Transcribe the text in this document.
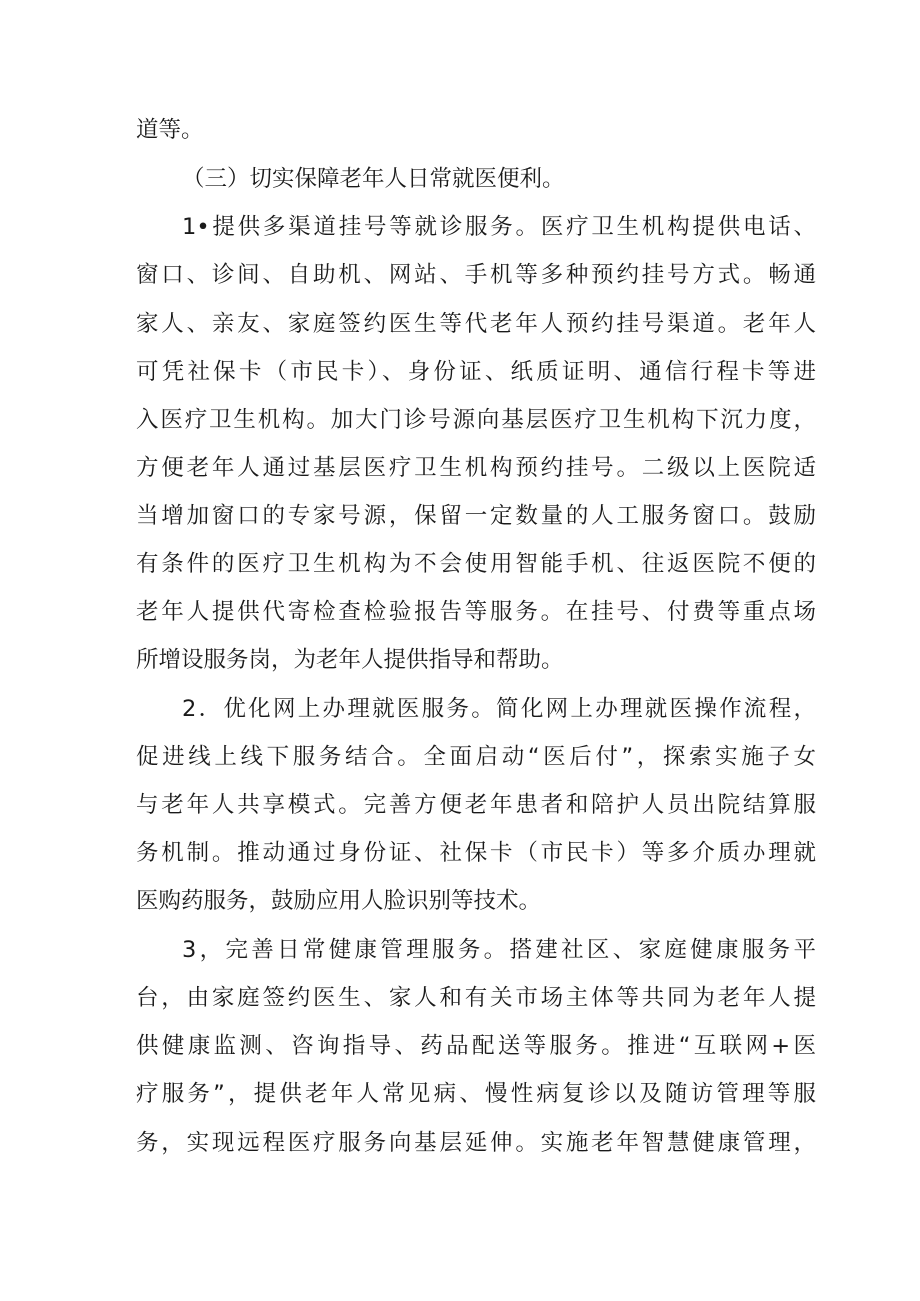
道等。
（三）切实保障老年人日常就医便利。
1•提供多渠道挂号等就诊服务。医疗卫生机构提供电话、
窗口、诊间、自助机、网站、手机等多种预约挂号方式。畅通
家人、亲友、家庭签约医生等代老年人预约挂号渠道。老年人
可凭社保卡（市民卡）、身份证、纸质证明、通信行程卡等进
入医疗卫生机构。加大门诊号源向基层医疗卫生机构下沉力度，
方便老年人通过基层医疗卫生机构预约挂号。二级以上医院适
当增加窗口的专家号源，保留一定数量的人工服务窗口。鼓励
有条件的医疗卫生机构为不会使用智能手机、往返医院不便的
老年人提供代寄检查检验报告等服务。在挂号、付费等重点场
所增设服务岗，为老年人提供指导和帮助。
2．优化网上办理就医服务。简化网上办理就医操作流程，
促进线上线下服务结合。全面启动“医后付”，探索实施子女
与老年人共享模式。完善方便老年患者和陪护人员出院结算服
务机制。推动通过身份证、社保卡（市民卡）等多介质办理就
医购药服务，鼓励应用人脸识别等技术。
3，完善日常健康管理服务。搭建社区、家庭健康服务平
台，由家庭签约医生、家人和有关市场主体等共同为老年人提
供健康监测、咨询指导、药品配送等服务。推进“互联网+医
疗服务”，提供老年人常见病、慢性病复诊以及随访管理等服
务，实现远程医疗服务向基层延伸。实施老年智慧健康管理，
